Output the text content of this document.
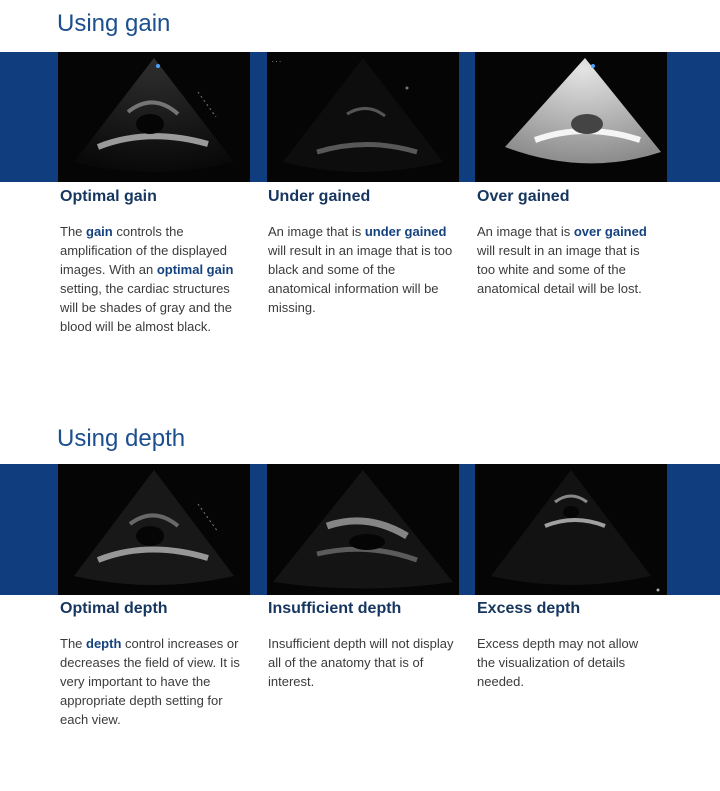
Using gain
...
Optimal gain	Under gained	Over gained

The gain controls the amplification of the displayed images. With an optimal gain setting, the cardiac structures will be shades of gray and the blood will be almost black.

An image that is under gained will result in an image that is too black and some of the anatomical information will be missing.

An image that is over gained will result in an image that is too white and some of the anatomical detail will be lost.

Using depth
Optimal depth	Insufficient depth	Excess depth

The depth control increases or decreases the field of view. It is very important to have the appropriate depth setting for each view.

Insufficient depth will not display all of the anatomy that is of interest.

Excess depth may not allow the visualization of details needed.
